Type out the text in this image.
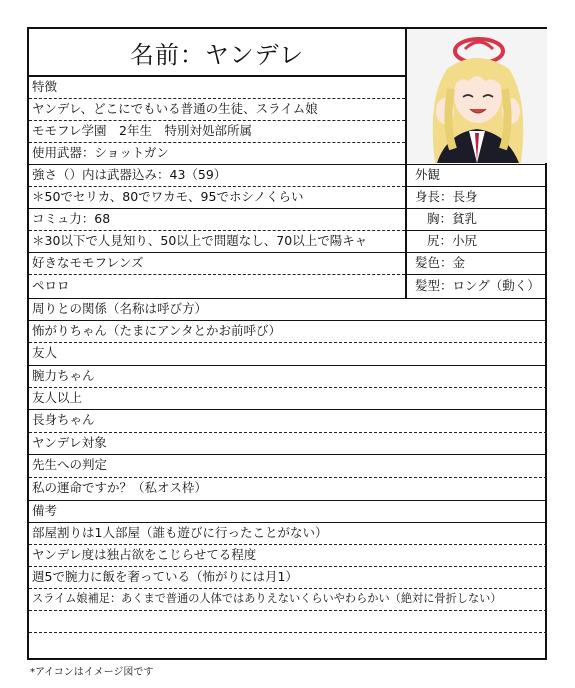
名前：ヤンデレ
特徴
ヤンデレ、どこにでもいる普通の生徒、スライム娘
モモフレ学園　2年生　特別対処部所属
使用武器：ショットガン
強さ（）内は武器込み：43（59）
＊50でセリカ、80でワカモ、95でホシノくらい
コミュ力：68
＊30以下で人見知り、50以上で問題なし、70以上で陽キャ
好きなモモフレンズ
ペロロ
外観
身長：長身
胸：貧乳
尻：小尻
髪色：金
髪型：ロング（動く）
周りとの関係（名称は呼び方）
怖がりちゃん（たまにアンタとかお前呼び）
友人
腕力ちゃん
友人以上
長身ちゃん
ヤンデレ対象
先生への判定
私の運命ですか？（私オス枠）
備考
部屋割りは1人部屋（誰も遊びに行ったことがない）
ヤンデレ度は独占欲をこじらせてる程度
週5で腕力に飯を奢っている（怖がりには月1）
スライム娘補足：あくまで普通の人体ではありえないくらいやわらかい（絶対に骨折しない）
*アイコンはイメージ図です
